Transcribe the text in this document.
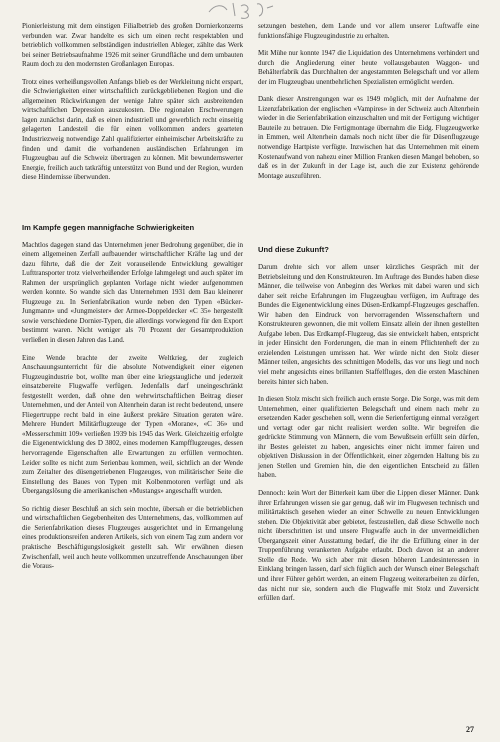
Pionierleistung mit dem einstigen Filialbetrieb des großen Dornierkonzerns verbunden war. Zwar handelte es sich um einen recht respektablen und betrieblich vollkommen selbständigen industriellen Ableger, zählte das Werk bei seiner Betriebsaufnahme 1926 mit seiner Grundfläche und dem umbauten Raum doch zu den modernsten Großanlagen Europas.

Trotz eines verheißungsvollen Anfangs blieb es der Werkleitung nicht erspart, die Schwierigkeiten einer wirtschaftlich zurückgebliebenen Region und die allgemeinen Rückwirkungen der wenige Jahre später sich ausbreitenden wirtschaftlichen Depression auszukosten. Die regionalen Erschwerungen lagen zunächst darin, daß es einen industriell und gewerblich recht einseitig gelagerten Landesteil die für einen vollkommen anders gearteten Industriezweig notwendige Zahl qualifizierter einheimischer Arbeitskräfte zu finden und damit die vorhandenen ausländischen Erfahrungen im Flugzeugbau auf die Schweiz übertragen zu können. Mit bewundernswerter Energie, freilich auch tatkräftig unterstützt von Bund und der Region, wurden diese Hindernisse überwunden.

Im Kampfe gegen mannigfache Schwierigkeiten

Machtlos dagegen stand das Unternehmen jener Bedrohung gegenüber, die in einem allgemeinen Zerfall aufbauender wirtschaftlicher Kräfte lag und der dazu führte, daß die der Zeit vorauseilende Entwicklung gewaltiger Lufttransporter trotz vielverheißender Erfolge lahmgelegt und auch später im Rahmen der ursprünglich geplanten Vorlage nicht wieder aufgenommen werden konnte. So wandte sich das Unternehmen 1931 dem Bau kleinerer Flugzeuge zu. In Serienfabrikation wurde neben den Typen «Bücker-Jungmann» und «Jungmeister» der Armee-Doppeldecker «C 35» hergestellt sowie verschiedene Dornier-Typen, die allerdings vorwiegend für den Export bestimmt waren. Nicht weniger als 70 Prozent der Gesamtproduktion verließen in diesen Jahren das Land.

Eine Wende brachte der zweite Weltkrieg, der zugleich Anschauungsunterricht für die absolute Notwendigkeit einer eigenen Flugzeugindustrie bot, wollte man über eine kriegstaugliche und jederzeit einsatzbereite Flugwaffe verfügen. Jedenfalls darf uneingeschränkt festgestellt werden, daß ohne den wehrwirtschaftlichen Beitrag dieser Unternehmen, und der Anteil von Altenrhein daran ist recht bedeutend, unsere Fliegertruppe recht bald in eine äußerst prekäre Situation geraten wäre. Mehrere Hundert Militärflugzeuge der Typen «Morane», «C 36» und «Messerschmitt 109» verließen 1939 bis 1945 das Werk. Gleichzeitig erfolgte die Eigenentwicklung des D 3802, eines modernen Kampfflugzeuges, dessen hervorragende Eigenschaften alle Erwartungen zu erfüllen vermochten. Leider sollte es nicht zum Serienbau kommen, weil, sichtlich an der Wende zum Zeitalter des düsengetriebenen Flugzeuges, von militärischer Seite die Einstellung des Baues von Typen mit Kolbenmotoren verfügt und als Übergangslösung die amerikanischen «Mustangs» angeschafft wurden.

So richtig dieser Beschluß an sich sein mochte, übersah er die betrieblichen und wirtschaftlichen Gegebenheiten des Unternehmens, das, vollkommen auf die Serienfabrikation dieses Flugzeuges ausgerichtet und in Ermangelung eines produktionsreifen anderen Artikels, sich von einem Tag zum andern vor praktische Beschäftigungslosigkeit gestellt sah. Wir erwähnen diesen Zwischenfall, weil auch heute vollkommen unzutreffende Anschauungen über die Voraus-

setzungen bestehen, dem Lande und vor allem unserer Luftwaffe eine funktionsfähige Flugzeugindustrie zu erhalten.

Mit Mühe nur konnte 1947 die Liquidation des Unternehmens verhindert und durch die Angliederung einer heute vollausgebauten Waggon- und Behälterfabrik das Durchhalten der angestammten Belegschaft und vor allem der im Flugzeugbau unentbehrlichen Spezialisten ermöglicht werden.

Dank dieser Anstrengungen war es 1949 möglich, mit der Aufnahme der Lizenzfabrikation der englischen «Vampires» in der Schweiz auch Altenrhein wieder in die Serienfabrikation einzuschalten und mit der Fertigung wichtiger Bauteile zu betrauen. Die Fertigmontage übernahm die Eidg. Flugzeugwerke in Emmen, weil Altenrhein damals noch nicht über die für Düsenflugzeuge notwendige Hartpiste verfügte. Inzwischen hat das Unternehmen mit einem Kostenaufwand von nahezu einer Million Franken diesen Mangel behoben, so daß es in der Zukunft in der Lage ist, auch die zur Existenz gehörende Montage auszuführen.

Und diese Zukunft?

Darum drehte sich vor allem unser kürzliches Gespräch mit der Betriebsleitung und den Konstrukteuren. Im Auftrage des Bundes haben diese Männer, die teilweise von Anbeginn des Werkes mit dabei waren und sich daher seit reiche Erfahrungen im Flugzeugbau verfügen, im Auftrage des Bundes die Eigenentwicklung eines Düsen-Erdkampf-Flugzeuges geschaffen. Wir haben den Eindruck von hervorragenden Wissenschaftern und Konstrukteuren gewonnen, die mit vollem Einsatz allein der ihnen gestellten Aufgabe leben. Das Erdkampf-Flugzeug, das sie entwickelt haben, entspricht in jeder Hinsicht den Forderungen, die man in einem Pflichtenheft der zu erzielenden Leistungen umrissen hat. Wer würde nicht den Stolz dieser Männer teilen, angesichts des schnittigen Modells, das vor uns liegt und noch viel mehr angesichts eines brillanten Staffelfluges, den die ersten Maschinen bereits hinter sich haben.

In diesen Stolz mischt sich freilich auch ernste Sorge. Die Sorge, was mit dem Unternehmen, einer qualifizierten Belegschaft und einem nach mehr zu ersetzenden Kader geschehen soll, wenn die Serienfertigung einmal verzögert und vertagt oder gar nicht realisiert werden sollte. Wir begreifen die gedrückte Stimmung von Männern, die vom Bewußtsein erfüllt sein dürfen, ihr Bestes geleistet zu haben, angesichts einer nicht immer fairen und objektiven Diskussion in der Öffentlichkeit, einer zögernden Haltung bis zu jenen Stellen und Gremien hin, die den eigentlichen Entscheid zu fällen haben.

Dennoch: kein Wort der Bitterkeit kam über die Lippen dieser Männer. Dank ihrer Erfahrungen wissen sie gar genug, daß wir im Flugwesen technisch und militärtaktisch gesehen wieder an einer Schwelle zu neuen Entwicklungen stehen. Die Objektivität aber gebietet, festzustellen, daß diese Schwelle noch nicht überschritten ist und unsere Flugwaffe auch in der unvermeidlichen Übergangszeit einer Ausstattung bedarf, die ihr die Erfüllung einer in der Truppenführung verankerten Aufgabe erlaubt. Doch davon ist an anderer Stelle die Rede. Wo sich aber mit diesen höheren Landesinteressen in Einklang bringen lassen, darf sich füglich auch der Wunsch einer Belegschaft und ihrer Führer gehört werden, an einem Flugzeug weiterarbeiten zu dürfen, das nicht nur sie, sondern auch die Flugwaffe mit Stolz und Zuversicht erfüllen darf.

27
